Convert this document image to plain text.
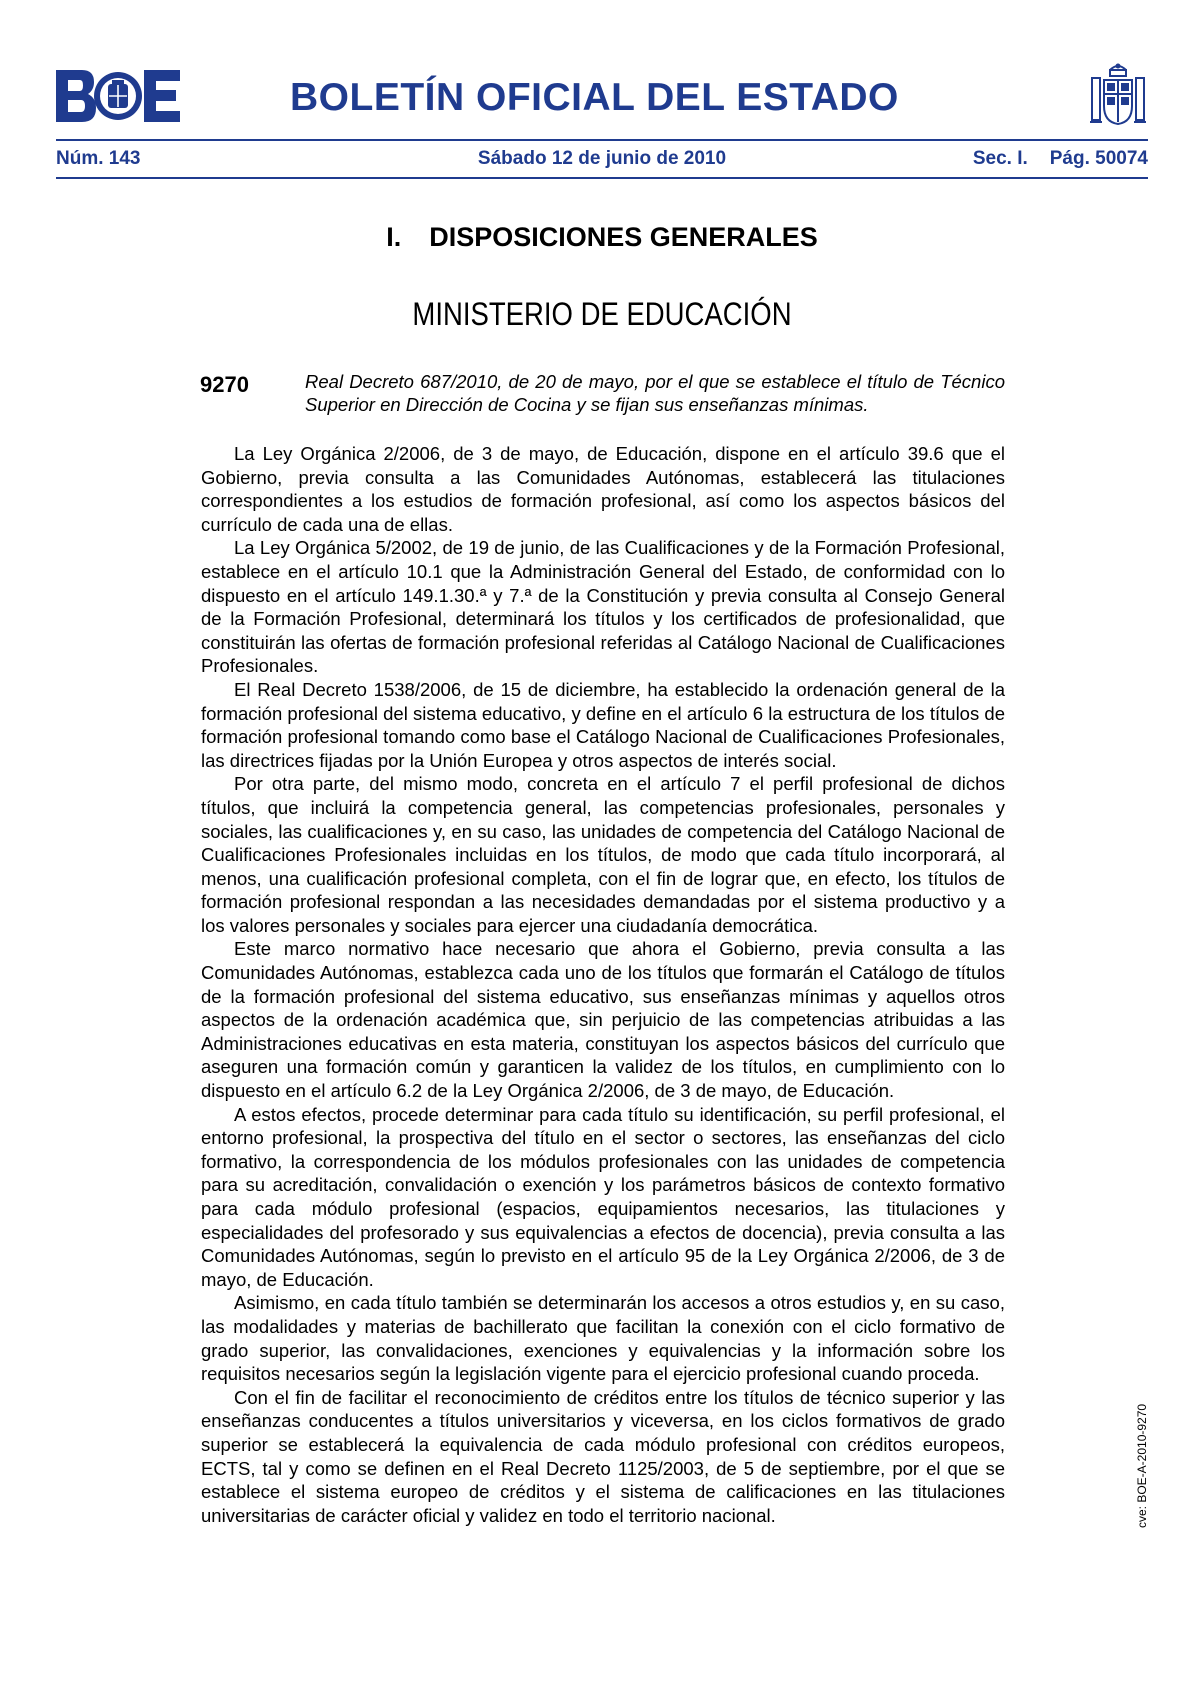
BOLETÍN OFICIAL DEL ESTADO
Núm. 143	Sábado 12 de junio de 2010	Sec. I. Pág. 50074
I. DISPOSICIONES GENERALES
MINISTERIO DE EDUCACIÓN
9270	Real Decreto 687/2010, de 20 de mayo, por el que se establece el título de Técnico Superior en Dirección de Cocina y se fijan sus enseñanzas mínimas.

La Ley Orgánica 2/2006, de 3 de mayo, de Educación, dispone en el artículo 39.6 que el Gobierno, previa consulta a las Comunidades Autónomas, establecerá las titulaciones correspondientes a los estudios de formación profesional, así como los aspectos básicos del currículo de cada una de ellas.

La Ley Orgánica 5/2002, de 19 de junio, de las Cualificaciones y de la Formación Profesional, establece en el artículo 10.1 que la Administración General del Estado, de conformidad con lo dispuesto en el artículo 149.1.30.ª y 7.ª de la Constitución y previa consulta al Consejo General de la Formación Profesional, determinará los títulos y los certificados de profesionalidad, que constituirán las ofertas de formación profesional referidas al Catálogo Nacional de Cualificaciones Profesionales.

El Real Decreto 1538/2006, de 15 de diciembre, ha establecido la ordenación general de la formación profesional del sistema educativo, y define en el artículo 6 la estructura de los títulos de formación profesional tomando como base el Catálogo Nacional de Cualificaciones Profesionales, las directrices fijadas por la Unión Europea y otros aspectos de interés social.

Por otra parte, del mismo modo, concreta en el artículo 7 el perfil profesional de dichos títulos, que incluirá la competencia general, las competencias profesionales, personales y sociales, las cualificaciones y, en su caso, las unidades de competencia del Catálogo Nacional de Cualificaciones Profesionales incluidas en los títulos, de modo que cada título incorporará, al menos, una cualificación profesional completa, con el fin de lograr que, en efecto, los títulos de formación profesional respondan a las necesidades demandadas por el sistema productivo y a los valores personales y sociales para ejercer una ciudadanía democrática.

Este marco normativo hace necesario que ahora el Gobierno, previa consulta a las Comunidades Autónomas, establezca cada uno de los títulos que formarán el Catálogo de títulos de la formación profesional del sistema educativo, sus enseñanzas mínimas y aquellos otros aspectos de la ordenación académica que, sin perjuicio de las competencias atribuidas a las Administraciones educativas en esta materia, constituyan los aspectos básicos del currículo que aseguren una formación común y garanticen la validez de los títulos, en cumplimiento con lo dispuesto en el artículo 6.2 de la Ley Orgánica 2/2006, de 3 de mayo, de Educación.

A estos efectos, procede determinar para cada título su identificación, su perfil profesional, el entorno profesional, la prospectiva del título en el sector o sectores, las enseñanzas del ciclo formativo, la correspondencia de los módulos profesionales con las unidades de competencia para su acreditación, convalidación o exención y los parámetros básicos de contexto formativo para cada módulo profesional (espacios, equipamientos necesarios, las titulaciones y especialidades del profesorado y sus equivalencias a efectos de docencia), previa consulta a las Comunidades Autónomas, según lo previsto en el artículo 95 de la Ley Orgánica 2/2006, de 3 de mayo, de Educación.

Asimismo, en cada título también se determinarán los accesos a otros estudios y, en su caso, las modalidades y materias de bachillerato que facilitan la conexión con el ciclo formativo de grado superior, las convalidaciones, exenciones y equivalencias y la información sobre los requisitos necesarios según la legislación vigente para el ejercicio profesional cuando proceda.

Con el fin de facilitar el reconocimiento de créditos entre los títulos de técnico superior y las enseñanzas conducentes a títulos universitarios y viceversa, en los ciclos formativos de grado superior se establecerá la equivalencia de cada módulo profesional con créditos europeos, ECTS, tal y como se definen en el Real Decreto 1125/2003, de 5 de septiembre, por el que se establece el sistema europeo de créditos y el sistema de calificaciones en las titulaciones universitarias de carácter oficial y validez en todo el territorio nacional.	cve: BOE-A-2010-9270
